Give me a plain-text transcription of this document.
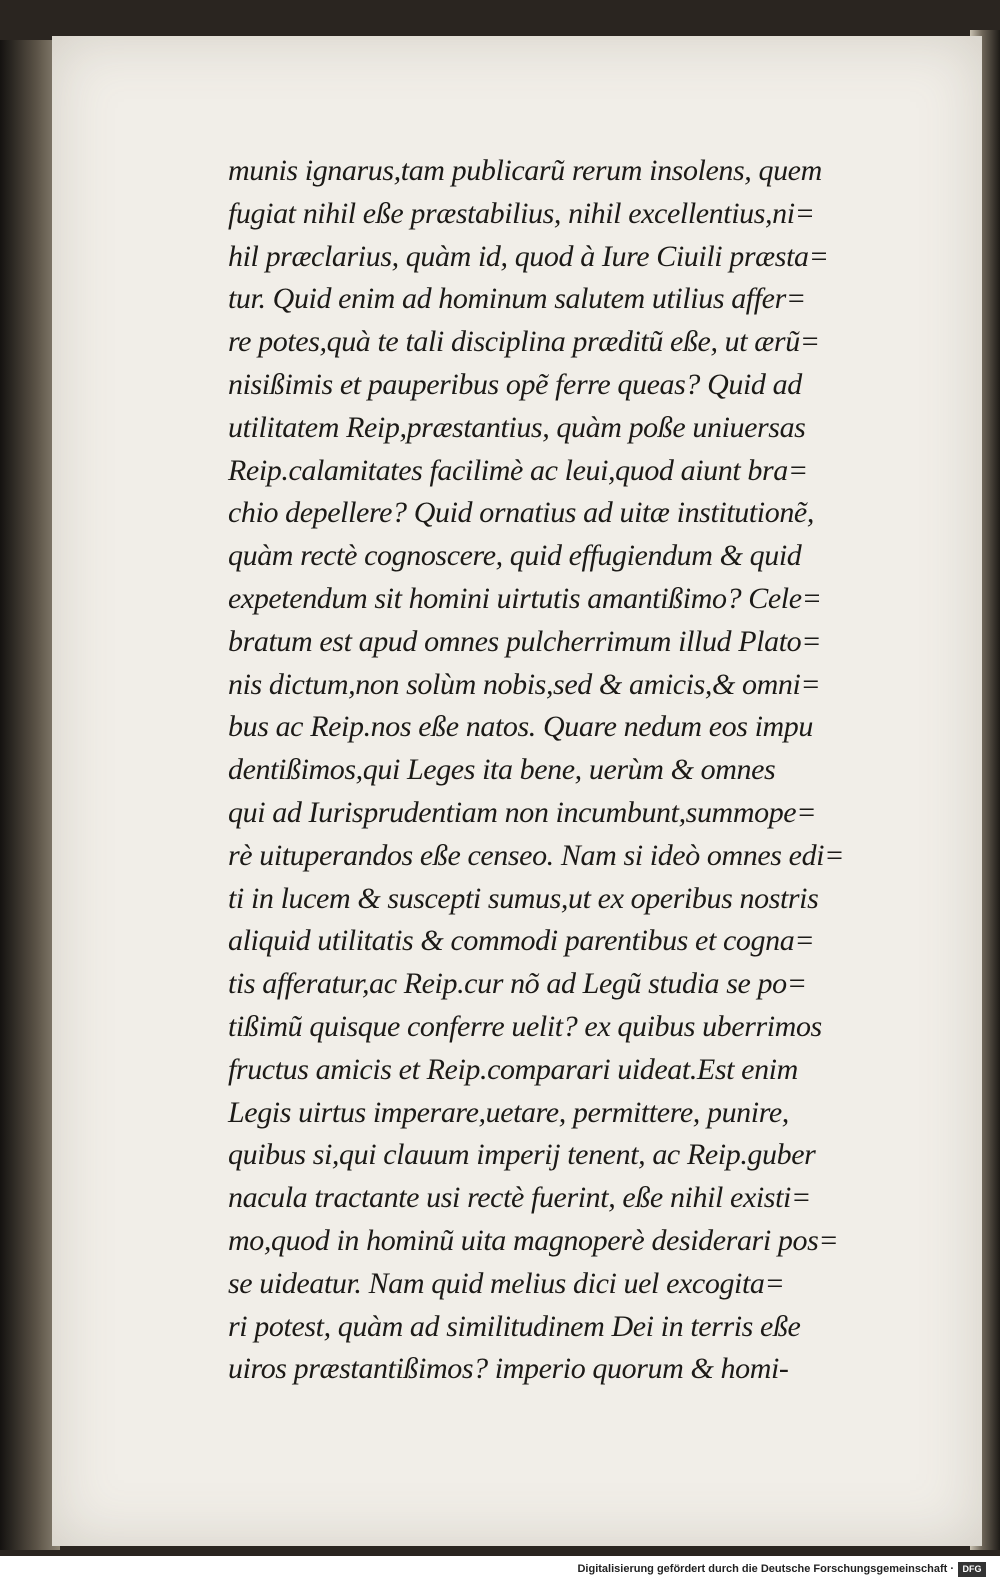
munis ignarus,tam publicarũ rerum insolens, quem
fugiat nihil eße præstabilius, nihil excellentius,ni=
hil præclarius, quàm id, quod à Iure Ciuili præsta=
tur. Quid enim ad hominum salutem utilius affer=
re potes,quà te tali disciplina præditũ eße, ut ærũ=
nisißimis et pauperibus opẽ ferre queas? Quid ad
utilitatem Reip,præstantius, quàm poße uniuersas
Reip.calamitates facilimè ac leui,quod aiunt bra=
chio depellere? Quid ornatius ad uitæ institutionẽ,
quàm rectè cognoscere, quid effugiendum & quid
expetendum sit homini uirtutis amantißimo? Cele=
bratum est apud omnes pulcherrimum illud Plato=
nis dictum,non solùm nobis,sed & amicis,& omni=
bus ac Reip.nos eße natos. Quare nedum eos impu
dentißimos,qui Leges ita bene, uerùm & omnes
qui ad Iurisprudentiam non incumbunt,summope=
rè uituperandos eße censeo. Nam si ideò omnes edi=
ti in lucem & suscepti sumus,ut ex operibus nostris
aliquid utilitatis & commodi parentibus et cogna=
tis afferatur,ac Reip.cur nõ ad Legũ studia se po=
tißimũ quisque conferre uelit? ex quibus uberrimos
fructus amicis et Reip.comparari uideat.Est enim
Legis uirtus imperare,uetare, permittere, punire,
quibus si,qui clauum imperij tenent, ac Reip.guber
nacula tractante usi rectè fuerint, eße nihil existi=
mo,quod in hominũ uita magnoperè desiderari pos=
se uideatur. Nam quid melius dici uel excogita=
ri potest, quàm ad similitudinem Dei in terris eße
uiros præstantißimos? imperio quorum & homi-
Digitalisierung gefördert durch die Deutsche Forschungsgemeinschaft · DFG
